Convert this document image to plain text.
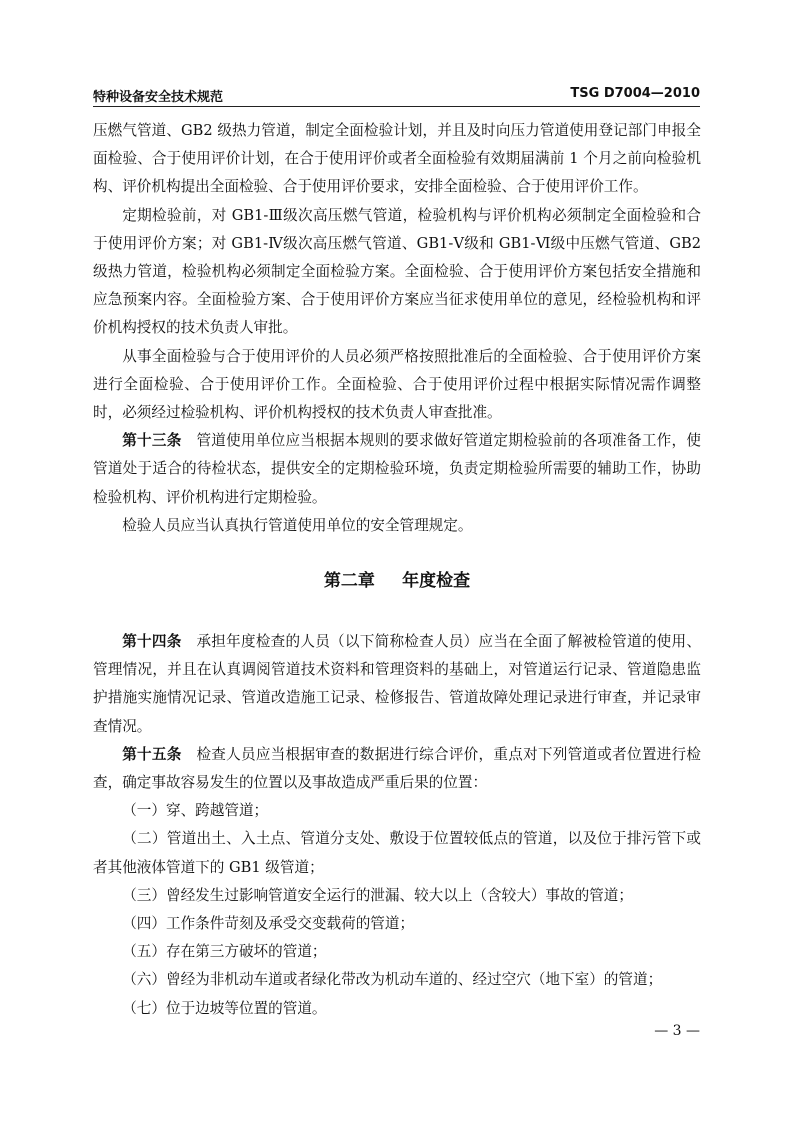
特种设备安全技术规范	TSG D7004—2010

压燃气管道、GB2 级热力管道，制定全面检验计划，并且及时向压力管道使用登记部门申报全面检验、合于使用评价计划，在合于使用评价或者全面检验有效期届满前 1 个月之前向检验机构、评价机构提出全面检验、合于使用评价要求，安排全面检验、合于使用评价工作。

定期检验前，对 GB1-Ⅲ级次高压燃气管道，检验机构与评价机构必须制定全面检验和合于使用评价方案；对 GB1-Ⅳ级次高压燃气管道、GB1-Ⅴ级和 GB1-Ⅵ级中压燃气管道、GB2 级热力管道，检验机构必须制定全面检验方案。全面检验、合于使用评价方案包括安全措施和应急预案内容。全面检验方案、合于使用评价方案应当征求使用单位的意见，经检验机构和评价机构授权的技术负责人审批。

从事全面检验与合于使用评价的人员必须严格按照批准后的全面检验、合于使用评价方案进行全面检验、合于使用评价工作。全面检验、合于使用评价过程中根据实际情况需作调整时，必须经过检验机构、评价机构授权的技术负责人审查批准。

第十三条　 管道使用单位应当根据本规则的要求做好管道定期检验前的各项准备工作，使管道处于适合的待检状态，提供安全的定期检验环境，负责定期检验所需要的辅助工作，协助检验机构、评价机构进行定期检验。

检验人员应当认真执行管道使用单位的安全管理规定。

第二章 年度检查

第十四条　 承担年度检查的人员（以下简称检查人员）应当在全面了解被检管道的使用、管理情况，并且在认真调阅管道技术资料和管理资料的基础上，对管道运行记录、管道隐患监护措施实施情况记录、管道改造施工记录、检修报告、管道故障处理记录进行审查，并记录审查情况。

第十五条　 检查人员应当根据审查的数据进行综合评价，重点对下列管道或者位置进行检查，确定事故容易发生的位置以及事故造成严重后果的位置：

（一）穿、跨越管道；

（二）管道出土、入土点、管道分支处、敷设于位置较低点的管道，以及位于排污管下或者其他液体管道下的 GB1 级管道；

（三）曾经发生过影响管道安全运行的泄漏、较大以上（含较大）事故的管道；

（四）工作条件苛刻及承受交变载荷的管道；

（五）存在第三方破坏的管道；

（六）曾经为非机动车道或者绿化带改为机动车道的、经过空穴（地下室）的管道；

（七）位于边坡等位置的管道。

— 3 —
